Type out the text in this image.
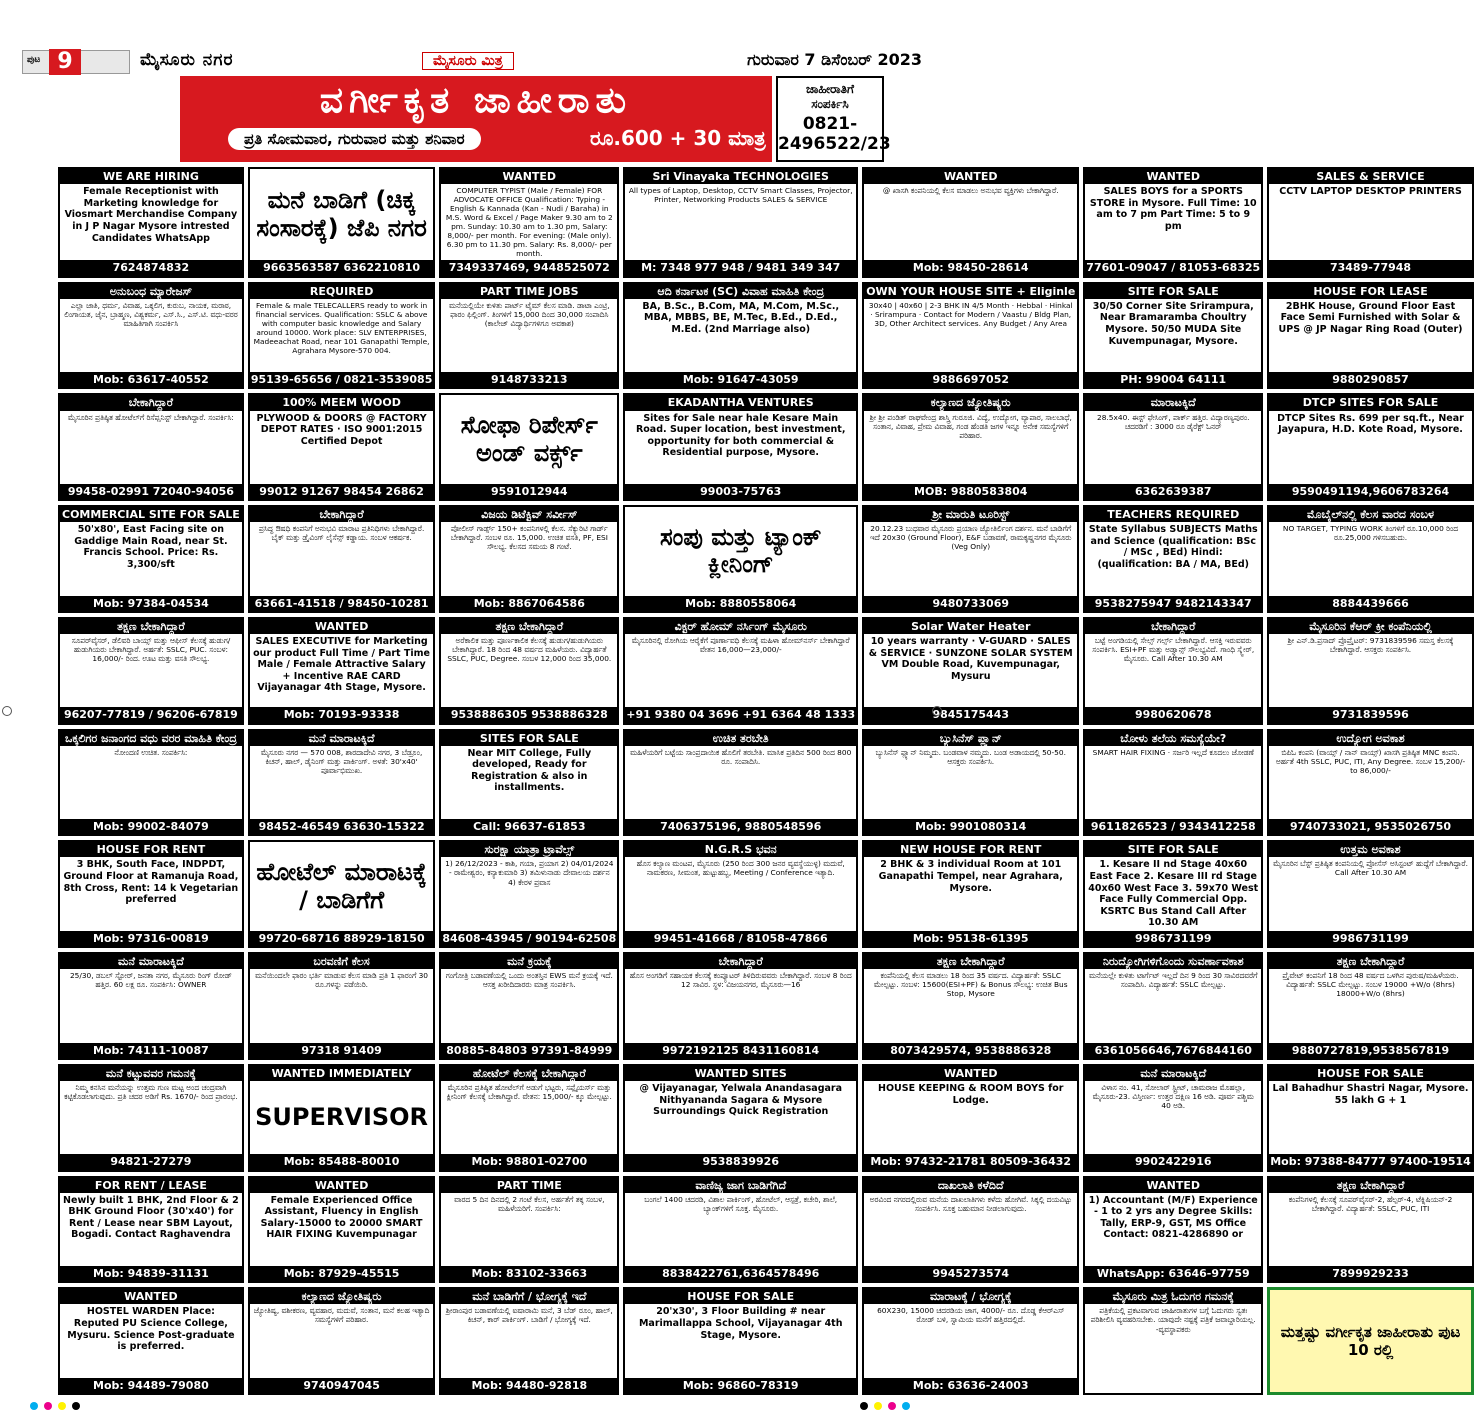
ಪುಟ 9	ಮೈಸೂರು ನಗರ	ಮೈಸೂರು ಮಿತ್ರ	ಗುರುವಾರ 7 ಡಿಸೆಂಬರ್ 2023
ವರ್ಗೀಕೃತ ಜಾಹೀರಾತು
ಪ್ರತಿ ಸೋಮವಾರ, ಗುರುವಾರ ಮತ್ತು ಶನಿವಾರ	ರೂ.600 + 30 ಮಾತ್ರ
ಜಾಹೀರಾತಿಗೆ
ಸಂಪರ್ಕಿಸಿ
0821-2496522/23
WE ARE HIRING
Female Receptionist with Marketing knowledge for Viosmart Merchandise Company in J P Nagar Mysore intrested Candidates WhatsApp
7624874832
ಮನೆ ಬಾಡಿಗೆ (ಚಿಕ್ಕ ಸಂಸಾರಕ್ಕೆ) ಜೆಪಿ ನಗರ
9663563587 6362210810
WANTED
COMPUTER TYPIST (Male / Female) FOR ADVOCATE OFFICE Qualification: Typing - English & Kannada (Kan - Nudi / Baraha) in M.S. Word & Excel / Page Maker 9.30 am to 2 pm. Sunday: 10.30 am to 1.30 pm, Salary: 8,000/- per month. For evening: (Male only). 6.30 pm to 11.30 pm. Salary: Rs. 8,000/- per month.
7349337469, 9448525072
Sri Vinayaka TECHNOLOGIES
All types of Laptop, Desktop, CCTV Smart Classes, Projector, Printer, Networking Products SALES & SERVICE
M: 7348 977 948 / 9481 349 347
WANTED
@ ಖಾಸಗಿ ಕಂಪನಿಯಲ್ಲಿ ಕೆಲಸ ಮಾಡಲು ಅನುಭವ ವ್ಯಕ್ತಿಗಳು ಬೇಕಾಗಿದ್ದಾರೆ.
Mob: 98450-28614
WANTED
SALES BOYS for a SPORTS STORE in Mysore. Full Time: 10 am to 7 pm Part Time: 5 to 9 pm
77601-09047 / 81053-68325
SALES & SERVICE
CCTV LAPTOP DESKTOP PRINTERS
73489-77948
ಅನುಬಂಧ ಮ್ಯಾರೇಜಸ್
ಎಲ್ಲಾ ಜಾತಿ, ಧರ್ಮ, ವಿವಾಹ, ಒಕ್ಕಲಿಗ, ಕುರುಬ, ನಾಯಕ, ಮರಾಠ, ಲಿಂಗಾಯತ, ಜೈನ, ಬ್ರಾಹ್ಮಣ, ವಿಶ್ವಕರ್ಮ, ಎಸ್.ಸಿ., ಎಸ್.ಟಿ. ವಧು-ವರರ ಮಾಹಿತಿಗಾಗಿ ಸಂಪರ್ಕಿಸಿ
Mob: 63617-40552
REQUIRED
Female & male TELECALLERS ready to work in financial services. Qualification: SSLC & above with computer basic knowledge and Salary around 10000. Work place: SLV ENTERPRISES, Madeeachat Road, near 101 Ganapathi Temple, Agrahara Mysore-570 004.
95139-65656 / 0821-3539085
PART TIME JOBS
ಮನೆಯಲ್ಲಿಯೇ ಕುಳಿತು ಪಾರ್ಟ್ ಟೈಮ್ ಕೆಲಸ ಮಾಡಿ. ಡಾಟಾ ಎಂಟ್ರಿ, ಫಾರಂ ಫಿಲ್ಲಿಂಗ್. ತಿಂಗಳಿಗೆ 15,000 ದಿಂದ 30,000 ಸಂಪಾದಿಸಿ (ಕಾಲೇಜ್ ವಿದ್ಯಾರ್ಥಿಗಳಿಗೂ ಅವಕಾಶ)
9148733213
ಆದಿ ಕರ್ನಾಟಕ (SC) ವಿವಾಹ ಮಾಹಿತಿ ಕೇಂದ್ರ
BA, B.Sc., B.Com, MA, M.Com, M.Sc., MBA, MBBS, BE, M.Tec, B.Ed., D.Ed., M.Ed. (2nd Marriage also)
Mob: 91647-43059
OWN YOUR HOUSE SITE + Eliginle
30x40 | 40x60 | 2-3 BHK IN 4/5 Month · Hebbal · Hinkal · Srirampura · Contact for Modern / Vaastu / Bldg Plan, 3D, Other Architect services. Any Budget / Any Area
9886697052
SITE FOR SALE
30/50 Corner Site Srirampura, Near Bramaramba Choultry Mysore. 50/50 MUDA Site Kuvempunagar, Mysore.
PH: 99004 64111
HOUSE FOR LEASE
2BHK House, Ground Floor East Face Semi Furnished with Solar & UPS @ JP Nagar Ring Road (Outer)
9880290857
ಬೇಕಾಗಿದ್ದಾರೆ
ಮೈಸೂರಿನ ಪ್ರತಿಷ್ಠಿತ ಹೋಟೆಲ್‌ಗೆ ರಿಸೆಪ್ಷನಿಸ್ಟ್ ಬೇಕಾಗಿದ್ದಾರೆ. ಸಂಪರ್ಕಿಸಿ:
99458-02991 72040-94056
100% MEEM WOOD
PLYWOOD & DOORS @ FACTORY DEPOT RATES · ISO 9001:2015 Certified Depot
99012 91267 98454 26862
ಸೋಫಾ ರಿಪೇರ್ಸ್ ಅಂಡ್ ವರ್ಕ್ಸ್
9591012944
EKADANTHA VENTURES
Sites for Sale near hale Kesare Main Road. Super location, best investment, opportunity for both commercial & Residential purpose, Mysore.
99003-75763
ಕಲ್ಯಾಣದ ಜ್ಯೋತಿಷ್ಯರು
ಶ್ರೀ ಶ್ರೀ ಪಂಡಿತ್ ರಾಘವೇಂದ್ರ ಶಾಸ್ತ್ರಿ ಗುರೂಜಿ. ವಿದ್ಯೆ, ಉದ್ಯೋಗ, ವ್ಯಾಪಾರ, ಸಾಲಬಾಧೆ, ಸಂತಾನ, ವಿವಾಹ, ಪ್ರೇಮ ವಿವಾಹ, ಗಂಡ ಹೆಂಡತಿ ಜಗಳ ಇನ್ನೂ ಅನೇಕ ಸಮಸ್ಯೆಗಳಿಗೆ ಪರಿಹಾರ.
MOB: 9880583804
ಮಾರಾಟಕ್ಕಿದೆ
28.5x40. ಈಸ್ಟ್ ಫೇಸಿಂಗ್, ಪಾರ್ಕ್ ಹತ್ತಿರ. ವಿದ್ಯಾರಣ್ಯಪುರಂ. ಚದರಡಿಗೆ : 3000 ರೂ ಡೈರೆಕ್ಟ್ ಓನರ್
6362639387
DTCP SITES FOR SALE
DTCP Sites Rs. 699 per sq.ft., Near Jayapura, H.D. Kote Road, Mysore.
9590491194,9606783264
COMMERCIAL SITE FOR SALE
50'x80', East Facing site on Gaddige Main Road, near St. Francis School. Price: Rs. 3,300/sft
Mob: 97384-04534
ಬೇಕಾಗಿದ್ದಾರೆ
ಪ್ರಸಿದ್ಧ ಔಷಧಿ ಕಂಪನಿಗೆ ಅನುಭವಿ ಮಾರಾಟ ಪ್ರತಿನಿಧಿಗಳು ಬೇಕಾಗಿದ್ದಾರೆ. ಬೈಕ್ ಮತ್ತು ಡ್ರೈವಿಂಗ್ ಲೈಸೆನ್ಸ್ ಕಡ್ಡಾಯ. ಸಂಬಳ ಆಕರ್ಷಕ.
63661-41518 / 98450-10281
ವಿಜಯ ಡಿಟೆಕ್ಟಿವ್ ಸರ್ವೀಸ್
ಪೋಲೀಸ್ ಗಾರ್ಡ್ಸ್ 150+ ಕಂಪನಿಗಳಲ್ಲಿ ಕೆಲಸ. ಸೆಕ್ಯುರಿಟಿ ಗಾರ್ಡ್ ಬೇಕಾಗಿದ್ದಾರೆ. ಸಂಬಳ ರೂ. 15,000. ಉಚಿತ ವಸತಿ, PF, ESI ಸೌಲಭ್ಯ. ಕೆಲಸದ ಸಮಯ 8 ಗಂಟೆ.
Mob: 8867064586
ಸಂಪು ಮತ್ತು ಟ್ಯಾಂಕ್ ಕ್ಲೀನಿಂಗ್
Mob: 8880558064
ಶ್ರೀ ಮಾರುತಿ ಟೂರಿಸ್ಟ್
20.12.23 ಬುಧವಾರ ಮೈಸೂರು ಪ್ರಯಾಣ ಜ್ಯೋತಿರ್ಲಿಂಗ ದರ್ಶನ. ಮನೆ ಬಾಡಿಗೆಗೆ ಇದೆ 20x30 (Ground Floor), E&F ಬಡಾವಣೆ, ರಾಮಕೃಷ್ಣನಗರ ಮೈಸೂರು (Veg Only)
9480733069
TEACHERS REQUIRED
State Syllabus SUBJECTS Maths and Science (qualification: BSc / MSc , BEd) Hindi: (qualification: BA / MA, BEd)
9538275947 9482143347
ಮೊಬೈಲ್‌ನಲ್ಲಿ ಕೆಲಸ ವಾರದ ಸಂಬಳ
NO TARGET, TYPING WORK ತಿಂಗಳಿಗೆ ರೂ.10,000 ರಿಂದ ರೂ.25,000 ಗಳಿಸಬಹುದು.
8884439666
ತಕ್ಷಣ ಬೇಕಾಗಿದ್ದಾರೆ
ಸೂಪರ್‌ವೈಸರ್, ಡೆಲಿವರಿ ಬಾಯ್ಸ್ ಮತ್ತು ಆಫೀಸ್ ಕೆಲಸಕ್ಕೆ ಹುಡುಗ/ಹುಡುಗಿಯರು ಬೇಕಾಗಿದ್ದಾರೆ. ಅರ್ಹತೆ: SSLC, PUC. ಸಂಬಳ: 16,000/- ರಿಂದ. ಊಟ ಮತ್ತು ವಸತಿ ಸೌಲಭ್ಯ.
96207-77819 / 96206-67819
WANTED
SALES EXECUTIVE for Marketing our product Full Time / Part Time Male / Female Attractive Salary + Incentive RAE CARD Vijayanagar 4th Stage, Mysore.
Mob: 70193-93338
ತಕ್ಷಣ ಬೇಕಾಗಿದ್ದಾರೆ
ಅರೆಕಾಲಿಕ ಮತ್ತು ಪೂರ್ಣಕಾಲಿಕ ಕೆಲಸಕ್ಕೆ ಹುಡುಗ/ಹುಡುಗಿಯರು ಬೇಕಾಗಿದ್ದಾರೆ. 18 ರಿಂದ 48 ವರ್ಷದ ಮಹಿಳೆಯರು. ವಿದ್ಯಾರ್ಹತೆ SSLC, PUC, Degree. ಸಂಬಳ 12,000 ರಿಂದ 35,000.
9538886305 9538886328
ವಿಕ್ಟರ್ ಹೋಮ್ ನರ್ಸಿಂಗ್ ಮೈಸೂರು
ಮೈಸೂರಿನಲ್ಲಿ ರೋಗಿಯ ಆರೈಕೆಗೆ ಪೂರ್ಣಾವಧಿ ಕೆಲಸಕ್ಕೆ ಮಹಿಳಾ ಹೋಮ್‌ನರ್ಸ್ ಬೇಕಾಗಿದ್ದಾರೆ ವೇತನ 16,000—23,000/-
+91 9380 04 3696 +91 6364 48 1333
Solar Water Heater
10 years warranty · V-GUARD · SALES & SERVICE · SUNZONE SOLAR SYSTEM VM Double Road, Kuvempunagar, Mysuru
9845175443
ಬೇಕಾಗಿದ್ದಾರೆ
ಬಟ್ಟೆ ಅಂಗಡಿಯಲ್ಲಿ ಸೇಲ್ಸ್ ಗರ್ಲ್ಸ್ ಬೇಕಾಗಿದ್ದಾರೆ. ಆಸಕ್ತಿ ಇರುವವರು ಸಂಪರ್ಕಿಸಿ. ESI+PF ಮತ್ತು ಅಡ್ವಾನ್ಸ್ ಸೌಲಭ್ಯವಿದೆ. ಗಾಂಧಿ ಸ್ಕ್ವೇರ್, ಮೈಸೂರು. Call After 10.30 AM
9980620678
ಮೈಸೂರಿನ ಕೆಆರ್ ಕ್ರೀ ಕಂಪೆನಿಯಲ್ಲಿ
ಶ್ರೀ ಎನ್.ಡಿ.ಪ್ರಸಾದ್ ಪ್ರೊಪ್ರೈಟರ್: 9731839596 ಸಮಸ್ತ ಕೆಲಸಕ್ಕೆ ಬೇಕಾಗಿದ್ದಾರೆ. ಆಸಕ್ತರು ಸಂಪರ್ಕಿಸಿ.
9731839596
ಒಕ್ಕಲಿಗರ ಜನಾಂಗದ ವಧು ವರರ ಮಾಹಿತಿ ಕೇಂದ್ರ
ನೋಂದಣಿ ಉಚಿತ. ಸಂಪರ್ಕಿಸಿ:
Mob: 99002-84079
ಮನೆ ಮಾರಾಟಕ್ಕಿದೆ
ಮೈಸೂರು ನಗರ — 570 008, ಶಾರದಾದೇವಿ ನಗರ, 3 ಬೆಡ್ರೂಂ, ಕಿಚನ್, ಹಾಲ್, ಡೈನಿಂಗ್ ಮತ್ತು ಪಾರ್ಕಿಂಗ್. ಅಳತೆ: 30'x40' ಪೂರ್ವಾಭಿಮುಖ.
98452-46549 63630-15322
SITES FOR SALE
Near MIT College, Fully developed, Ready for Registration & also in installments.
Call: 96637-61853
ಉಚಿತ ತರಬೇತಿ
ಮಹಿಳೆಯರಿಗೆ ಬಟ್ಟೆಯ ಸಾಂಪ್ರದಾಯಿಕ ಹೊಲಿಗೆ ತರಬೇತಿ. ಮಾಸಿಕ ಪ್ರತಿದಿನ 500 ರಿಂದ 800 ರೂ. ಸಂಪಾದಿಸಿ.
7406375196, 9880548596
ಬ್ಯುಸಿನೆಸ್ ಪ್ಲ್ಯಾನ್
ಬ್ಯುಸಿನೆಸ್ ಪ್ಲ್ಯಾನ್ ನಿಮ್ಮದು. ಬಂಡವಾಳ ನಮ್ಮದು. ಬಂಡ ಅಡಾಯದಲ್ಲಿ 50-50. ಆಸಕ್ತರು ಸಂಪರ್ಕಿಸಿ.
Mob: 9901080314
ಬೋಳು ತಲೆಯ ಸಮಸ್ಯೆಯೇ?
SMART HAIR FIXING · ಸರ್ಜರಿ ಇಲ್ಲದೆ ಕೂದಲು ಜೋಡಣೆ
9611826523 / 9343412258
ಉದ್ಯೋಗ ಅವಕಾಶ
ಬಿಪಿಓ ಕಂಪನಿ (ವಾಯ್ಸ್ / ನಾನ್ ವಾಯ್ಸ್) ಖಾಸಗಿ ಪ್ರತಿಷ್ಠಿತ MNC ಕಂಪನಿ. ಅರ್ಹತೆ 4th SSLC, PUC, ITI, Any Degree. ಸಂಬಳ 15,200/- to 86,000/-
9740733021, 9535026750
HOUSE FOR RENT
3 BHK, South Face, INDPDT, Ground Floor at Ramanuja Road, 8th Cross, Rent: 14 k Vegetarian preferred
Mob: 97316-00819
ಹೋಟೆಲ್ ಮಾರಾಟಕ್ಕೆ / ಬಾಡಿಗೆಗೆ
99720-68716 88929-18150
ಸುರಕ್ಷಾ ಯಾತ್ರಾ ಟ್ರಾವೆಲ್ಸ್
1) 26/12/2023 - ಕಾಶಿ, ಗಯಾ, ಪ್ರಯಾಗ 2) 04/01/2024 - ರಾಮೇಶ್ವರಂ, ಕನ್ಯಾಕುಮಾರಿ 3) ತಮಿಳುನಾಡು ದೇವಾಲಯ ದರ್ಶನ 4) ಕೇರಳ ಪ್ರವಾಸ
84608-43945 / 90194-62508
N.G.R.S ಭವನ
ಹೊಸ ಕಲ್ಯಾಣ ಮಂಟಪ, ಮೈಸೂರು (250 ರಿಂದ 300 ಜನರ ವ್ಯವಸ್ಥೆಯುಳ್ಳ) ಮದುವೆ, ನಾಮಕರಣ, ಸೀಮಂತ, ಹುಟ್ಟುಹಬ್ಬ, Meeting / Conference ಇತ್ಯಾದಿ.
99451-41668 / 81058-47866
NEW HOUSE FOR RENT
2 BHK & 3 individual Room at 101 Ganapathi Tempel, near Agrahara, Mysore.
Mob: 95138-61395
SITE FOR SALE
1. Kesare II nd Stage 40x60 East Face 2. Kesare III rd Stage 40x60 West Face 3. 59x70 West Face Fully Commercial Opp. KSRTC Bus Stand Call After 10.30 AM
9986731199
ಉತ್ತಮ ಅವಕಾಶ
ಮೈಸೂರಿನ ಬೆಸ್ಟ್ ಪ್ರತಿಷ್ಠಿತ ಕಂಪನಿಯಲ್ಲಿ ಪ್ರೋಸೆಸ್ ಅಸಿಸ್ಟಂಟ್ ಹುದ್ದೆಗೆ ಬೇಕಾಗಿದ್ದಾರೆ. Call After 10.30 AM
9986731199
ಮನೆ ಮಾರಾಟಕ್ಕಿದೆ
25/30, ಡಬಲ್ ಸ್ಟೋರ್, ಜನತಾ ನಗರ, ಮೈಸೂರು ರಿಂಗ್ ರೋಡ್ ಹತ್ತಿರ. 60 ಲಕ್ಷ ರೂ. ಸಂಪರ್ಕಿಸಿ: OWNER
Mob: 74111-10087
ಬರವಣಿಗೆ ಕೆಲಸ
ಮನೆಯಿಂದಲೇ ಫಾರಂ ಭರ್ತಿ ಮಾಡುವ ಕೆಲಸ ಮಾಡಿ ಪ್ರತಿ 1 ಫಾರಂಗೆ 30 ರೂ.ಗಳನ್ನು ಪಡೆಯಿರಿ.
97318 91409
ಮನೆ ಕ್ರಯಕ್ಕೆ
ಗಂಗೋತ್ರಿ ಬಡಾವಣೆಯಲ್ಲಿ ಒಂದು ಅಂತಸ್ತಿನ EWS ಮನೆ ಕ್ರಯಕ್ಕೆ ಇದೆ. ಆಸಕ್ತ ಖರೀದಿದಾರರು ಮಾತ್ರ ಸಂಪರ್ಕಿಸಿ.
80885-84803 97391-84999
ಬೇಕಾಗಿದ್ದಾರೆ
ಹೊಸ ಅಂಗಡಿಗೆ ಸಹಾಯಕ ಕೆಲಸಕ್ಕೆ ಕಂಪ್ಯೂಟರ್ ತಿಳಿದಿರುವವರು ಬೇಕಾಗಿದ್ದಾರೆ. ಸಂಬಳ 8 ರಿಂದ 12 ಸಾವಿರ. ಸ್ಥಳ: ವಿಜಯನಗರ, ಮೈಸೂರು—16
9972192125 8431160814
ತಕ್ಷಣ ಬೇಕಾಗಿದ್ದಾರೆ
ಕಂಪೆನಿಯಲ್ಲಿ ಕೆಲಸ ಮಾಡಲು 18 ರಿಂದ 35 ವರ್ಷದ. ವಿದ್ಯಾರ್ಹತೆ: SSLC ಮೇಲ್ಪಟ್ಟು. ಸಂಬಳ: 15600(ESI+PF) & Bonus ಸೌಲಭ್ಯ: ಉಚಿತ Bus Stop, Mysore
8073429574, 9538886328
ನಿರುದ್ಯೋಗಿಗಳಿಗೊಂದು ಸುವರ್ಣಾವಕಾಶ
ಮನೆಯಲ್ಲೇ ಕುಳಿತು ಟಾರ್ಗೆಟ್ ಇಲ್ಲದೆ ದಿನ 9 ರಿಂದ 30 ಸಾವಿರದವರೆಗೆ ಸಂಪಾದಿಸಿ. ವಿದ್ಯಾರ್ಹತೆ: SSLC ಮೇಲ್ಪಟ್ಟು.
6361056646,7676844160
ತಕ್ಷಣ ಬೇಕಾಗಿದ್ದಾರೆ
ಪ್ರೈವೇಟ್ ಕಂಪನಿಗೆ 18 ರಿಂದ 48 ವರ್ಷದ ಒಳಗಿನ ಪುರುಷ/ಮಹಿಳೆಯರು. ವಿದ್ಯಾರ್ಹತೆ: SSLC ಮೇಲ್ಪಟ್ಟು. ಸಂಬಳ 19000 +W/o (8hrs) 18000+W/o (8hrs)
9880727819,9538567819
ಮನೆ ಕಟ್ಟುವವರ ಗಮನಕ್ಕೆ
ನಿಮ್ಮ ಕನಸಿನ ಮನೆಯನ್ನು ಉತ್ತಮ ಗುಣ ಮಟ್ಟ ಅಂದ ಚಂದ್ರವಾಗಿ ಕಟ್ಟಿಕೊಡಲಾಗುವುದು. ಪ್ರತಿ ಚದರ ಅಡಿಗೆ Rs. 1670/- ರಿಂದ ಪ್ರಾರಂಭ.
94821-27279
WANTED IMMEDIATELY
SUPERVISOR
Mob: 85488-80010
ಹೋಟೆಲ್ ಕೆಲಸಕ್ಕೆ ಬೇಕಾಗಿದ್ದಾರೆ
ಮೈಸೂರಿನ ಪ್ರತಿಷ್ಠಿತ ಹೋಟೆಲ್‌ಗೆ ಅಡುಗೆ ಭಟ್ಟರು, ಸಪ್ಲೈಯರ್ಸ್ ಮತ್ತು ಕ್ಲೀನಿಂಗ್ ಕೆಲಸಕ್ಕೆ ಬೇಕಾಗಿದ್ದಾರೆ. ವೇತನ: 15,000/- ಕ್ಕೂ ಮೇಲ್ಪಟ್ಟು.
Mob: 98801-02700
WANTED SITES
@ Vijayanagar, Yelwala Anandasagara Nithyananda Sagara & Mysore Surroundings Quick Registration
9538839926
WANTED
HOUSE KEEPING & ROOM BOYS for Lodge.
Mob: 97432-21781 80509-36432
ಮನೆ ಮಾರಾಟಕ್ಕಿದೆ
ವಿಳಾಸ ನಂ. 41, ಸೋಲಾರ್ ಸ್ಟ್ರೀಟ್, ಚಾಮರಾಜ ಮೊಹಲ್ಲಾ, ಮೈಸೂರು-23. ವಿಸ್ತೀರ್ಣ: ಉತ್ತರ ದಕ್ಷಿಣ 16 ಅಡಿ. ಪೂರ್ವ ಪಶ್ಚಿಮ 40 ಅಡಿ.
9902422916
HOUSE FOR SALE
Lal Bahadhur Shastri Nagar, Mysore. 55 lakh G + 1
Mob: 97388-84777 97400-19514
FOR RENT / LEASE
Newly built 1 BHK, 2nd Floor & 2 BHK Ground Floor (30'x40') for Rent / Lease near SBM Layout, Bogadi. Contact Raghavendra
Mob: 94839-31131
WANTED
Female Experienced Office Assistant, Fluency in English Salary-15000 to 20000 SMART HAIR FIXING Kuvempunagar
Mob: 87929-45515
PART TIME
ವಾರದ 5 ದಿನ ದಿನದಲ್ಲಿ 2 ಗಂಟೆ ಕೆಲಸ, ಅರ್ಹತೆಗೆ ತಕ್ಕ ಸಂಬಳ, ಮಹಿಳೆಯರಿಗೆ. ಸಂಪರ್ಕಿಸಿ:
Mob: 83102-33663
ವಾಣಿಜ್ಯ ಜಾಗ ಬಾಡಿಗೆಗಿದೆ
ಬಂಗಲೆ 1400 ಚದರಡಿ, ವಿಶಾಲ ಪಾರ್ಕಿಂಗ್, ಹೋಟೆಲ್, ಆಸ್ಪತ್ರೆ, ಕಚೇರಿ, ಶಾಲೆ, ಬ್ಯಾಂಕ್‌ಗಳಿಗೆ ಸೂಕ್ತ. ಮೈಸೂರು.
8838422761,6364578496
ದಾಖಲಾತಿ ಕಳೆದಿದೆ
ಅರವಿಂದ ನಗರದಲ್ಲಿರುವ ಮನೆಯ ದಾಖಲಾತಿಗಳು ಕಳೆದು ಹೋಗಿವೆ. ಸಿಕ್ಕಲ್ಲಿ ದಯವಿಟ್ಟು ಸಂಪರ್ಕಿಸಿ. ಸೂಕ್ತ ಬಹುಮಾನ ನೀಡಲಾಗುವುದು.
9945273574
WANTED
1) Accountant (M/F) Experience - 1 to 2 yrs any Degree Skills: Tally, ERP-9, GST, MS Office Contact: 0821-4286890 or
WhatsApp: 63646-97759
ತಕ್ಷಣ ಬೇಕಾಗಿದ್ದಾರೆ
ಕಂಪೆನಿಗಳಲ್ಲಿ ಕೆಲಸಕ್ಕೆ ಸೂಪರ್‌ವೈಸರ್-2, ಹೆಲ್ಪರ್-4, ಟೆಕ್ನಿಷಿಯನ್-2 ಬೇಕಾಗಿದ್ದಾರೆ. ವಿದ್ಯಾರ್ಹತೆ: SSLC, PUC, ITI
7899929233
WANTED
HOSTEL WARDEN Place: Reputed PU Science College, Mysuru. Science Post-graduate is preferred.
Mob: 94489-79080
ಕಲ್ಯಾಣದ ಜ್ಯೋತಿಷ್ಯರು
ಜ್ಯೋತಿಷ್ಯ, ವಶೀಕರಣ, ವ್ಯವಹಾರ, ಮದುವೆ, ಸಂತಾನ, ಮನೆ ಕಲಹ ಇತ್ಯಾದಿ ಸಮಸ್ಯೆಗಳಿಗೆ ಪರಿಹಾರ.
9740947045
ಮನೆ ಬಾಡಿಗೆಗೆ / ಭೋಗ್ಯಕ್ಕೆ ಇದೆ
ಶ್ರೀರಾಂಪುರ ಬಡಾವಣೆಯಲ್ಲಿ ಐಷಾರಾಮಿ ಮನೆ, 3 ಬೆಡ್ ರೂಂ, ಹಾಲ್, ಕಿಚನ್, ಕಾರ್ ಪಾರ್ಕಿಂಗ್. ಬಾಡಿಗೆ / ಭೋಗ್ಯಕ್ಕೆ ಇದೆ.
Mob: 94480-92818
HOUSE FOR SALE
20'x30', 3 Floor Building # near Marimallappa School, Vijayanagar 4th Stage, Mysore.
Mob: 96860-78319
ಮಾರಾಟಕ್ಕೆ / ಭೋಗ್ಯಕ್ಕೆ
60X230, 15000 ಚದರಡಿಯ ಜಾಗ, 4000/- ರೂ. ದೊಡ್ಡ ಕೆಆರ್‌ಎಸ್ ರೋಡ್ ಬಳಿ, ಸ್ವಾಮಿಯ ಮನೆಗೆ ಹತ್ತಿರದಲ್ಲಿದೆ.
Mob: 63636-24003
ಮೈಸೂರು ಮಿತ್ರ ಓದುಗರ ಗಮನಕ್ಕೆ
ಪತ್ರಿಕೆಯಲ್ಲಿ ಪ್ರಕಟವಾಗುವ ಜಾಹೀರಾತುಗಳ ಬಗ್ಗೆ ಓದುಗರು ಸ್ವತಃ ಪರಿಶೀಲಿಸಿ ವ್ಯವಹರಿಸಬೇಕು. ಯಾವುದೇ ನಷ್ಟಕ್ಕೆ ಪತ್ರಿಕೆ ಜವಾಬ್ದಾರಿಯಲ್ಲ. -ವ್ಯವಸ್ಥಾಪಕರು	ಮತ್ತಷ್ಟು ವರ್ಗೀಕೃತ ಜಾಹೀರಾತು ಪುಟ 10 ರಲ್ಲಿ
